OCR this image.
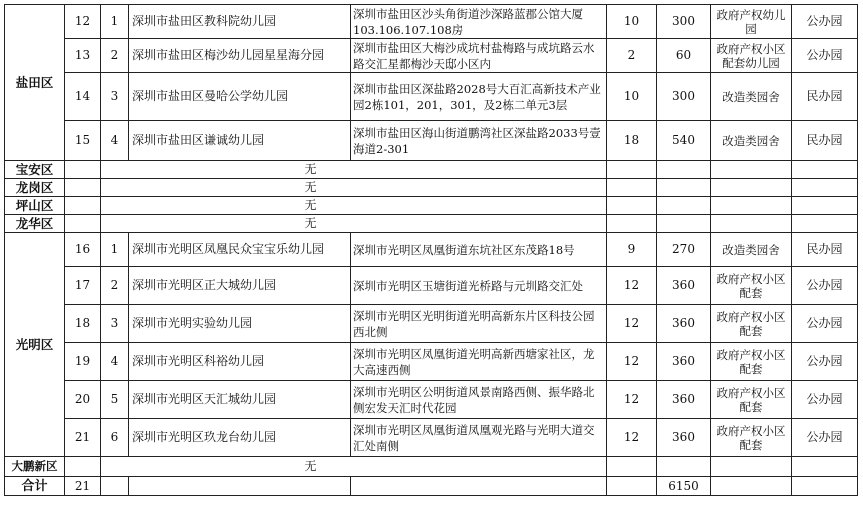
盐田区	12	1	深圳市盐田区教科院幼儿园	深圳市盐田区沙头角街道沙深路蓝郡公馆大厦103.106.107.108房	10	300	政府产权幼儿园	公办园
	13	2	深圳市盐田区梅沙幼儿园星星海分园	深圳市盐田区大梅沙成坑村盐梅路与成坑路云水路交汇星都梅沙天邸小区内	2	60	政府产权小区配套幼儿园	公办园
	14	3	深圳市盐田区曼哈公学幼儿园	深圳市盐田区深盐路2028号大百汇高新技术产业园2栋101，201，301，及2栋二单元3层	10	300	改造类园舍	民办园
	15	4	深圳市盐田区谦诚幼儿园	深圳市盐田区海山街道鹏湾社区深盐路2033号壹海道2-301	18	540	改造类园舍	民办园
宝安区		无						
龙岗区		无						
坪山区		无						
龙华区		无						
光明区	16	1	深圳市光明区凤凰民众宝宝乐幼儿园	深圳市光明区凤凰街道东坑社区东茂路18号	9	270	改造类园舍	民办园
	17	2	深圳市光明区正大城幼儿园	深圳市光明区玉塘街道光桥路与元圳路交汇处	12	360	政府产权小区配套	公办园
	18	3	深圳市光明实验幼儿园	深圳市光明区光明街道光明高新东片区科技公园西北侧	12	360	政府产权小区配套	公办园
	19	4	深圳市光明区科裕幼儿园	深圳市光明区凤凰街道光明高新西塘家社区，龙大高速西侧	12	360	政府产权小区配套	公办园
	20	5	深圳市光明区天汇城幼儿园	深圳市光明区公明街道风景南路西侧、振华路北侧宏发天汇时代花园	12	360	政府产权小区配套	公办园
	21	6	深圳市光明区玖龙台幼儿园	深圳市光明区凤凰街道凤凰观光路与光明大道交汇处南侧	12	360	政府产权小区配套	公办园
大鹏新区		无						
合计	21					6150		
